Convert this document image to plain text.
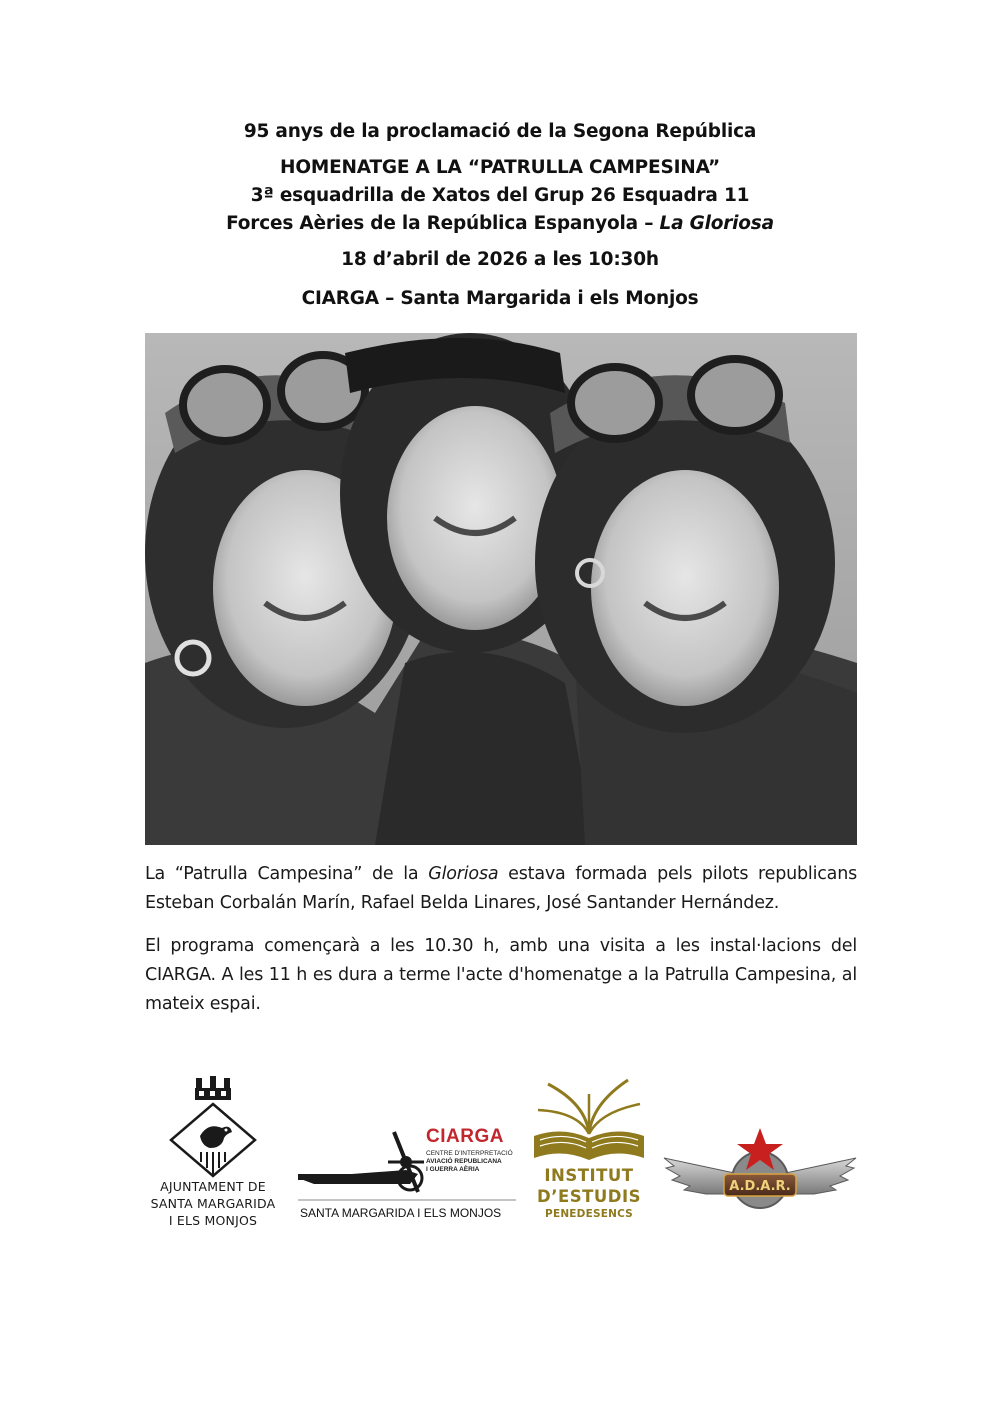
95 anys de la proclamació de la Segona República
HOMENATGE A LA “PATRULLA CAMPESINA”
3ª esquadrilla de Xatos del Grup 26 Esquadra 11
Forces Aèries de la República Espanyola – La Gloriosa
18 d’abril de 2026 a les 10:30h
CIARGA – Santa Margarida i els Monjos

La “Patrulla Campesina” de la Gloriosa estava formada pels pilots republicans Esteban Corbalán Marín, Rafael Belda Linares, José Santander Hernández.

El programa començarà a les 10.30 h, amb una visita a les instal·lacions del CIARGA. A les 11 h es dura a terme l'acte d'homenatge a la Patrulla Campesina, al mateix espai.

AJUNTAMENT DE
SANTA MARGARIDA
I ELS MONJOS
CIARGA
CENTRE D'INTERPRETACIÓ
AVIACIÓ REPUBLICANA
I GUERRA AÈRIA
SANTA MARGARIDA I ELS MONJOS
INSTITUT
D’ESTUDIS
PENEDESENCS
A.D.A.R.
